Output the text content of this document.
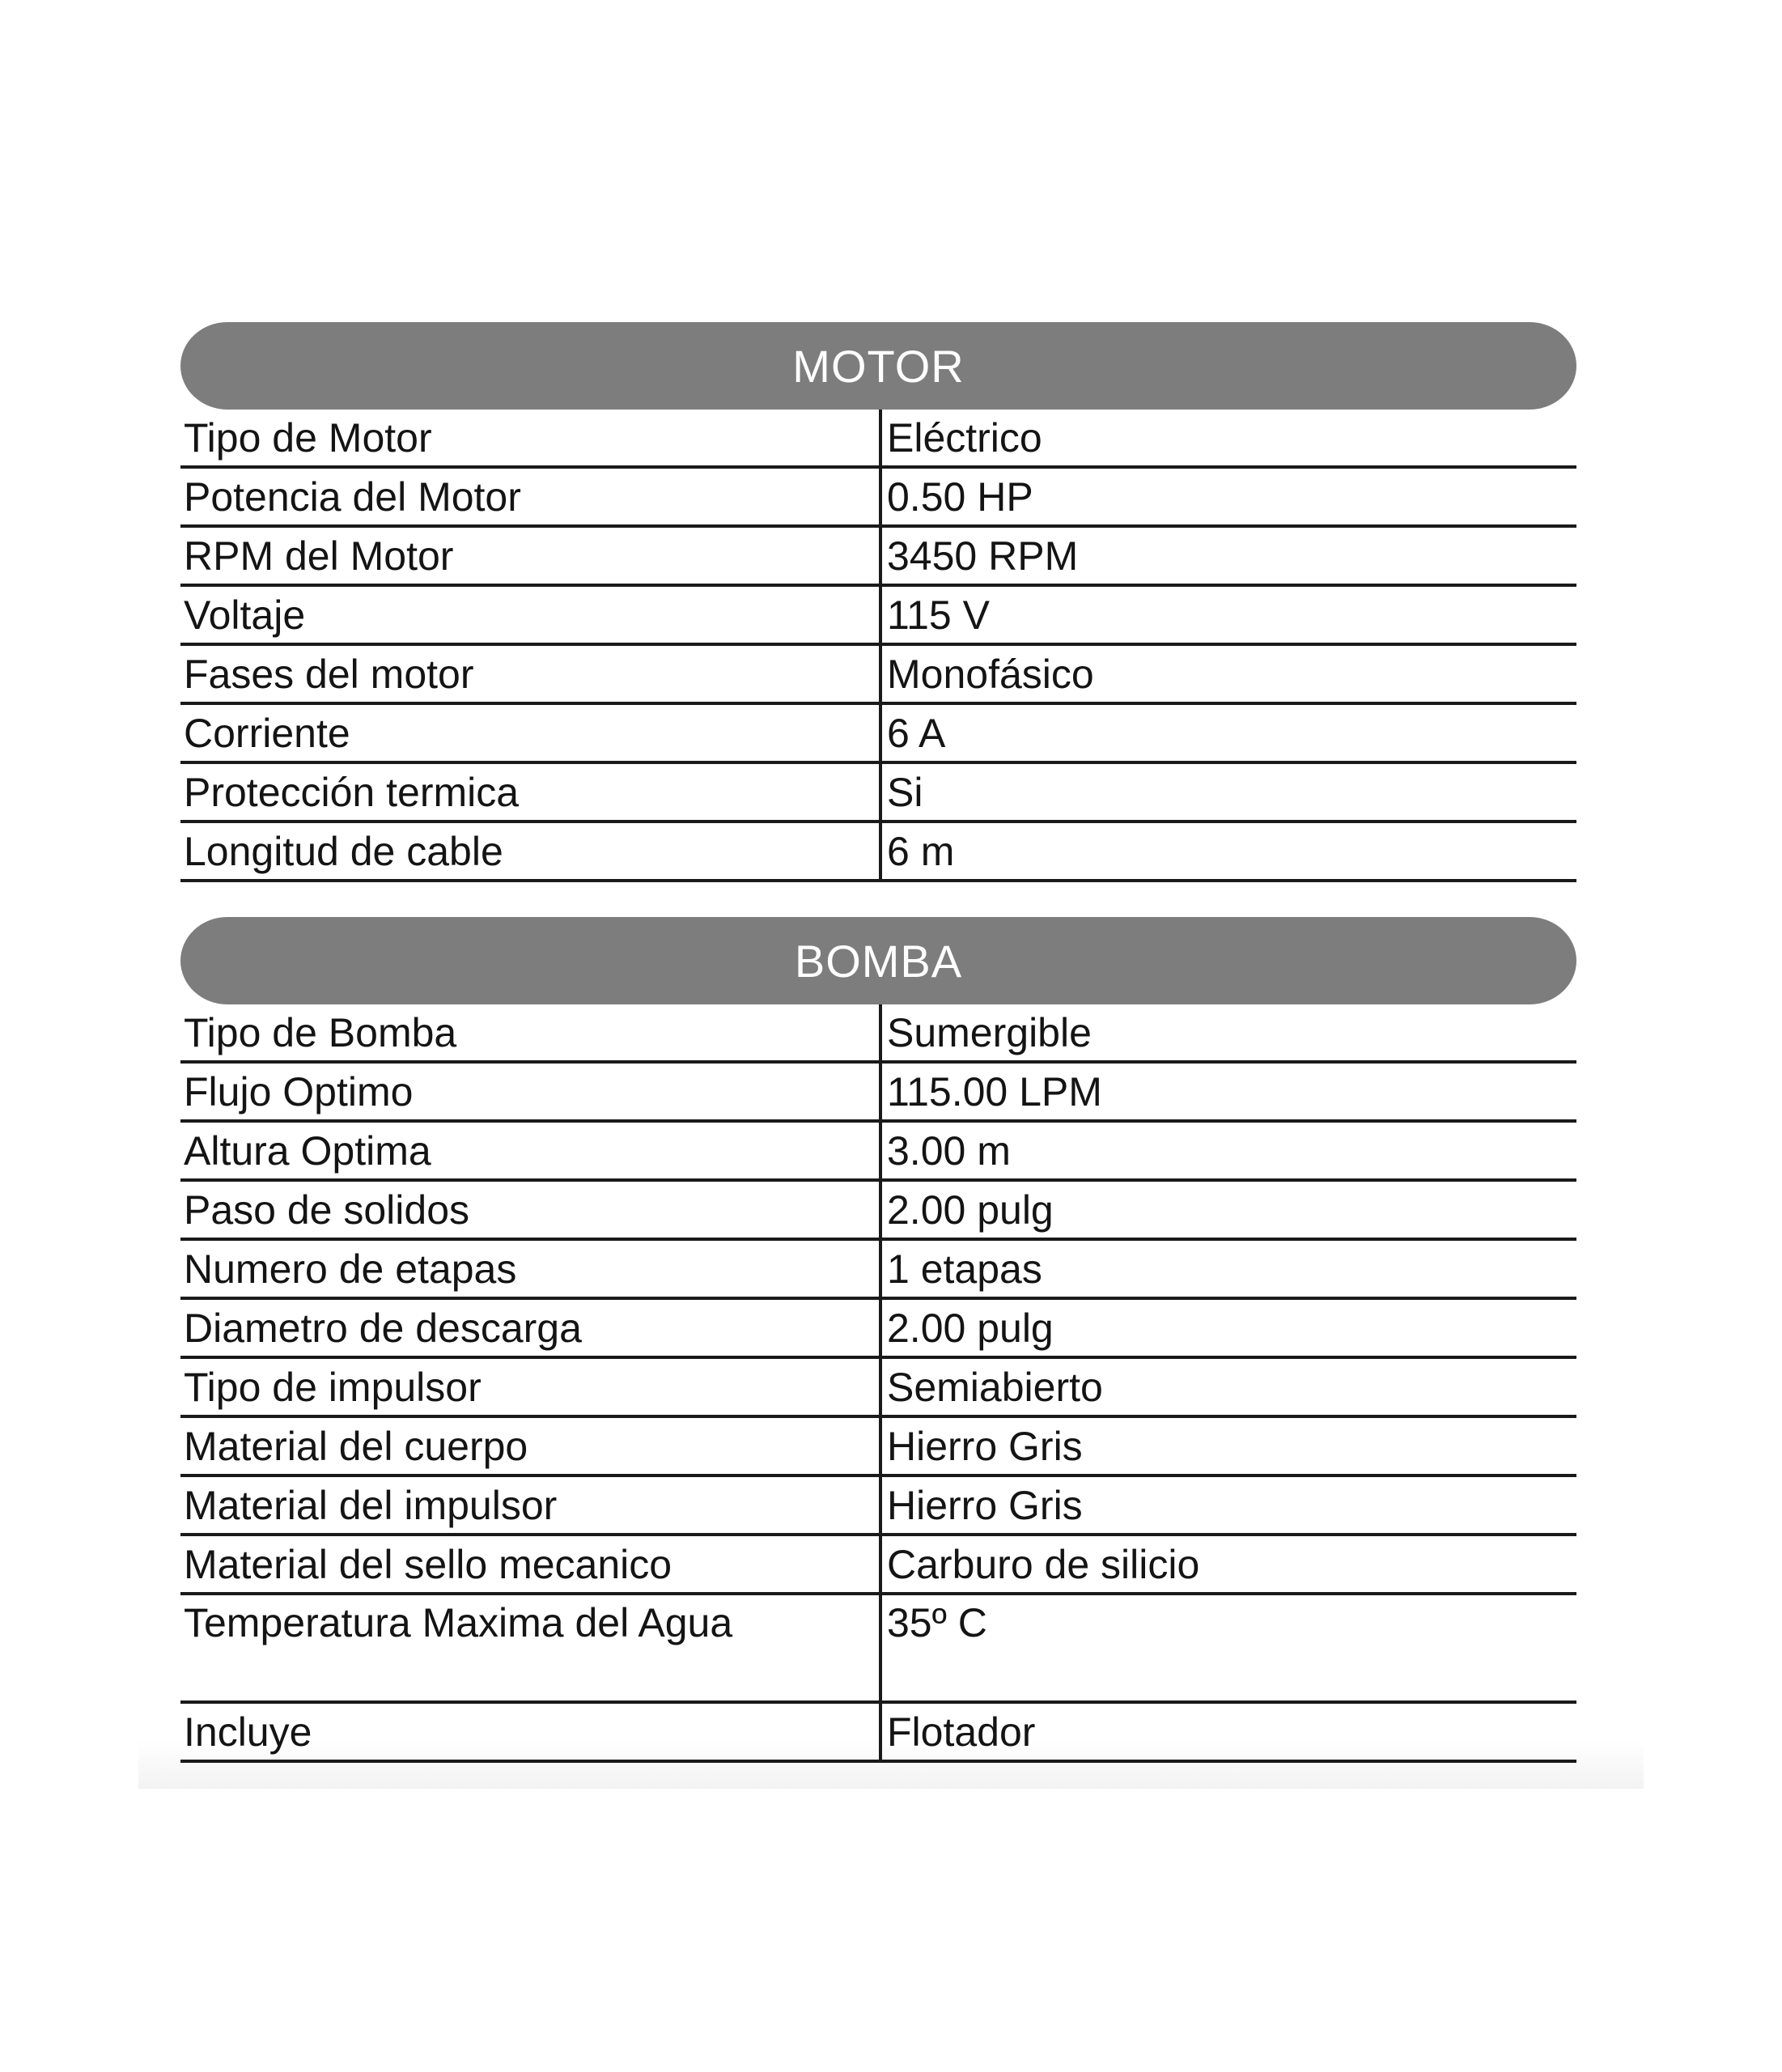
MOTOR
Tipo de Motor	Eléctrico
Potencia del Motor	0.50 HP
RPM del Motor	3450 RPM
Voltaje	115 V
Fases del motor	Monofásico
Corriente	6 A
Protección termica	Si
Longitud de cable	6 m
BOMBA
Tipo de Bomba	Sumergible
Flujo Optimo	115.00 LPM
Altura Optima	3.00 m
Paso de solidos	2.00 pulg
Numero de etapas	1 etapas
Diametro de descarga	2.00 pulg
Tipo de impulsor	Semiabierto
Material del cuerpo	Hierro Gris
Material del impulsor	Hierro Gris
Material del sello mecanico	Carburo de silicio
Temperatura Maxima del Agua	35º C
Incluye	Flotador
